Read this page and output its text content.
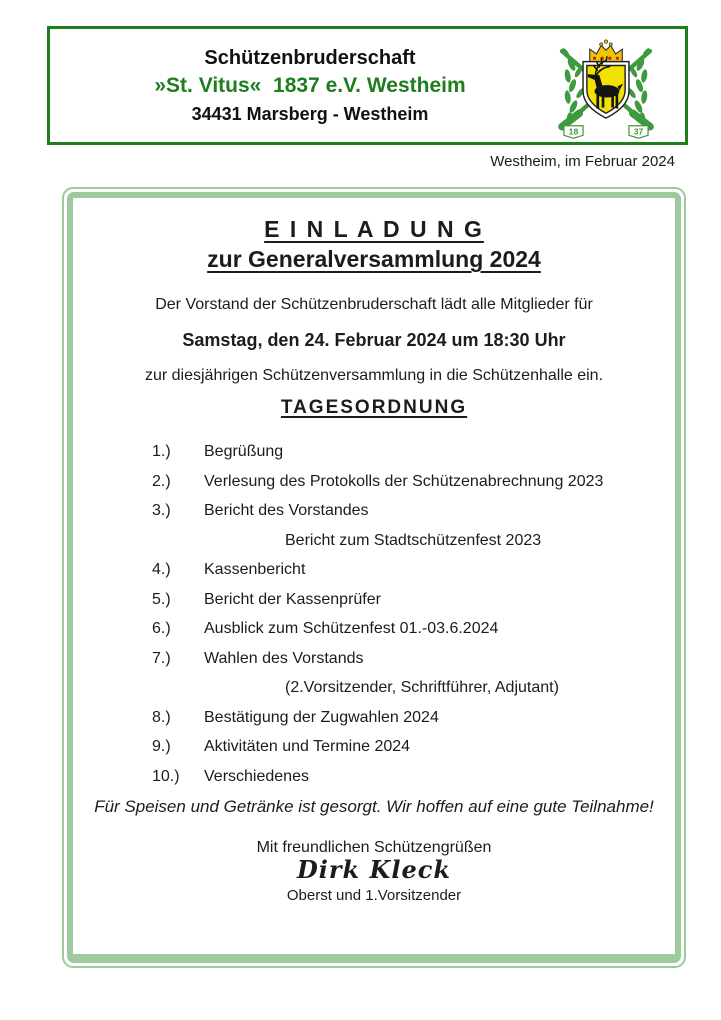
Schützenbruderschaft
»St. Vitus«  1837 e.V. Westheim
34431 Marsberg - Westheim
18	37
Westheim, im Februar 2024
E I N L A D U N G
zur Generalversammlung 2024
Der Vorstand der Schützenbruderschaft lädt alle Mitglieder für
Samstag, den 24. Februar 2024 um 18:30 Uhr
zur diesjährigen Schützenversammlung in die Schützenhalle ein.
TAGESORDNUNG
1.)	Begrüßung
2.)	Verlesung des Protokolls der Schützenabrechnung 2023
3.)	Bericht des Vorstandes
Bericht zum Stadtschützenfest 2023
4.)	Kassenbericht
5.)	Bericht der Kassenprüfer
6.)	Ausblick zum Schützenfest 01.-03.6.2024
7.)	Wahlen des Vorstands
(2.Vorsitzender, Schriftführer, Adjutant)
8.)	Bestätigung der Zugwahlen 2024
9.)	Aktivitäten und Termine 2024
10.)	Verschiedenes
Für Speisen und Getränke ist gesorgt. Wir hoffen auf eine gute Teilnahme!
Mit freundlichen Schützengrüßen
Dirk Kleck
Oberst und 1.Vorsitzender
